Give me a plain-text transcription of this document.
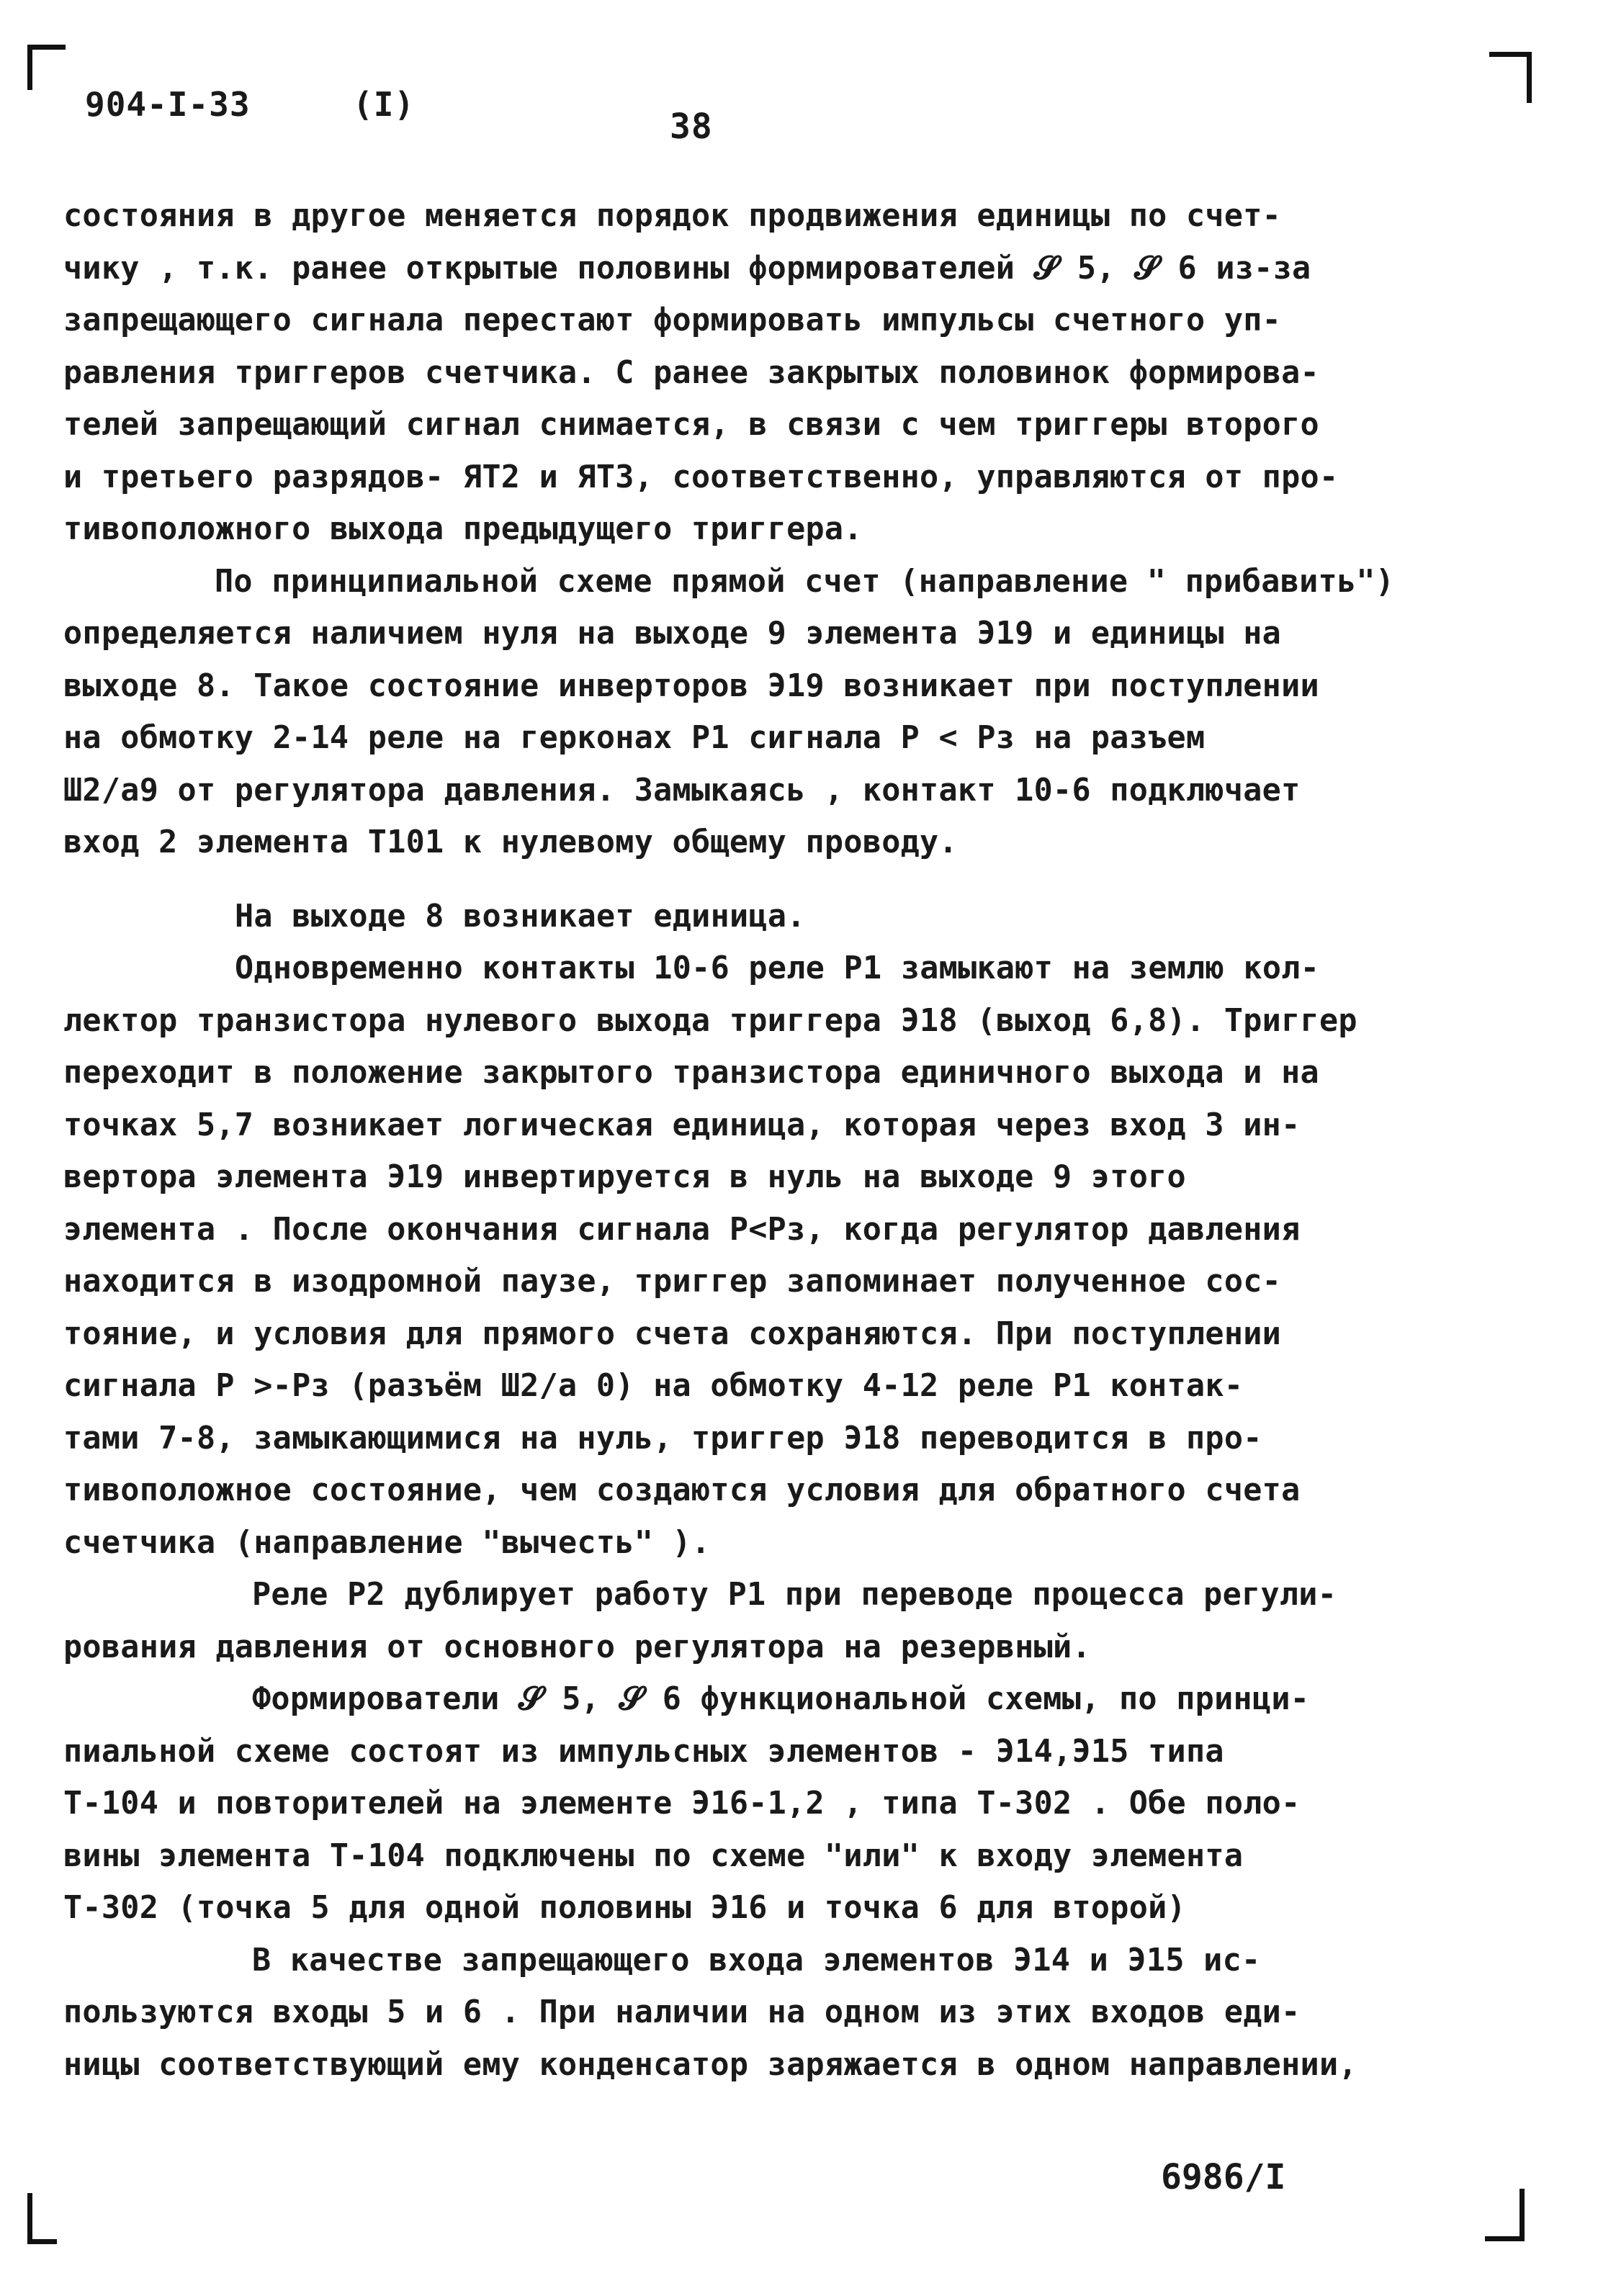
904-I-33	(I)
38
состояния в другое меняется порядок продвижения единицы по счет-
чику , т.к. ранее открытые половины формирователей 𝓢 5, 𝓢 6 из-за
запрещающего сигнала перестают формировать импульсы счетного уп-
равления триггеров счетчика. С ранее закрытых половинок формирова-
телей запрещающий сигнал снимается, в связи с чем триггеры второго
и третьего разрядов- ЯТ2 и ЯТ3, соответственно, управляются от про-
тивоположного выхода предыдущего триггера.
По принципиальной схеме прямой счет (направление " прибавить")
определяется наличием нуля на выходе 9 элемента Э19 и единицы на
выходе 8. Такое состояние инверторов Э19 возникает при поступлении
на обмотку 2-14 реле на герконах Р1 сигнала Р < Рз на разъем
Ш2/а9 от регулятора давления. Замыкаясь , контакт 10-6 подключает
вход 2 элемента Т101 к нулевому общему проводу.
На выходе 8 возникает единица.
Одновременно контакты 10-6 реле Р1 замыкают на землю кол-
лектор транзистора нулевого выхода триггера Э18 (выход 6,8). Триггер
переходит в положение закрытого транзистора единичного выхода и на
точках 5,7 возникает логическая единица, которая через вход 3 ин-
вертора элемента Э19 инвертируется в нуль на выходе 9 этого
элемента . После окончания сигнала Р<Рз, когда регулятор давления
находится в изодромной паузе, триггер запоминает полученное сос-
тояние, и условия для прямого счета сохраняются. При поступлении
сигнала Р >-Рз (разъём Ш2/а 0) на обмотку 4-12 реле Р1 контак-
тами 7-8, замыкающимися на нуль, триггер Э18 переводится в про-
тивоположное состояние, чем создаются условия для обратного счета
счетчика (направление "вычесть" ).
Реле Р2 дублирует работу Р1 при переводе процесса регули-
рования давления от основного регулятора на резервный.
Формирователи 𝓢 5, 𝓢 6 функциональной схемы, по принци-
пиальной схеме состоят из импульсных элементов - Э14,Э15 типа
Т-104 и повторителей на элементе Э16-1,2 , типа Т-302 . Обе поло-
вины элемента Т-104 подключены по схеме "или" к входу элемента
Т-302 (точка 5 для одной половины Э16 и точка 6 для второй)
В качестве запрещающего входа элементов Э14 и Э15 ис-
пользуются входы 5 и 6 . При наличии на одном из этих входов еди-
ницы соответствующий ему конденсатор заряжается в одном направлении,
6986/I
